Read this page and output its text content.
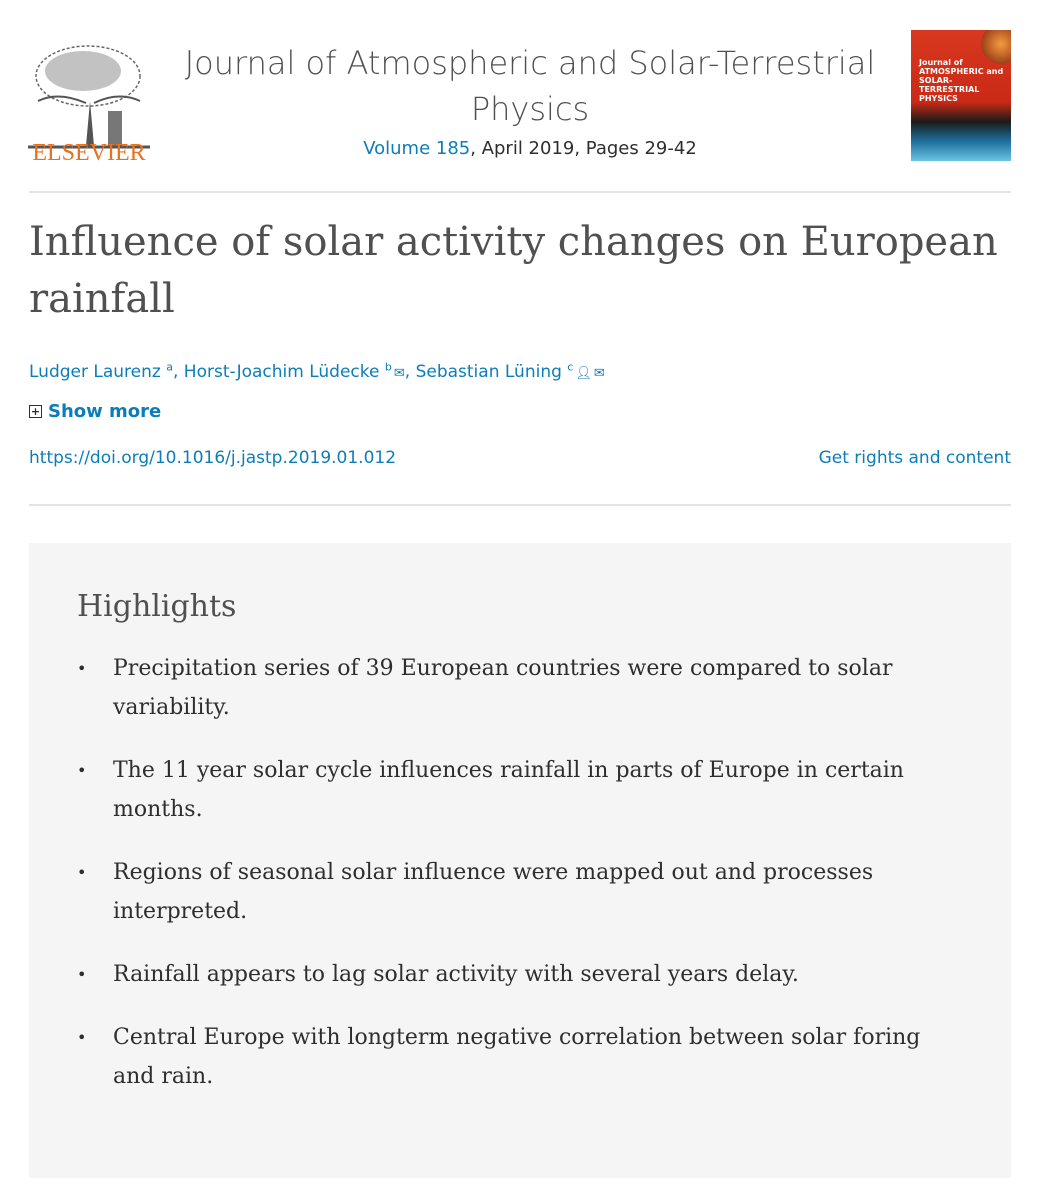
ELSEVIER
Journal of Atmospheric and Solar-Terrestrial Physics
Volume 185, April 2019, Pages 29-42
Journal of
ATMOSPHERIC and
SOLAR-TERRESTRIAL
PHYSICS
Influence of solar activity changes on European rainfall
Ludger Laurenz $^a$, Horst-Joachim Lüdecke $^b$ ✉, Sebastian Lüning $^c$ 👤︎ ✉
+ Show more
https://doi.org/10.1016/j.jastp.2019.01.012	Get rights and content
Highlights
• Precipitation series of 39 European countries were compared to solar variability.
• The 11 year solar cycle influences rainfall in parts of Europe in certain months.
• Regions of seasonal solar influence were mapped out and processes interpreted.
• Rainfall appears to lag solar activity with several years delay.
• Central Europe with longterm negative correlation between solar foring and rain.
